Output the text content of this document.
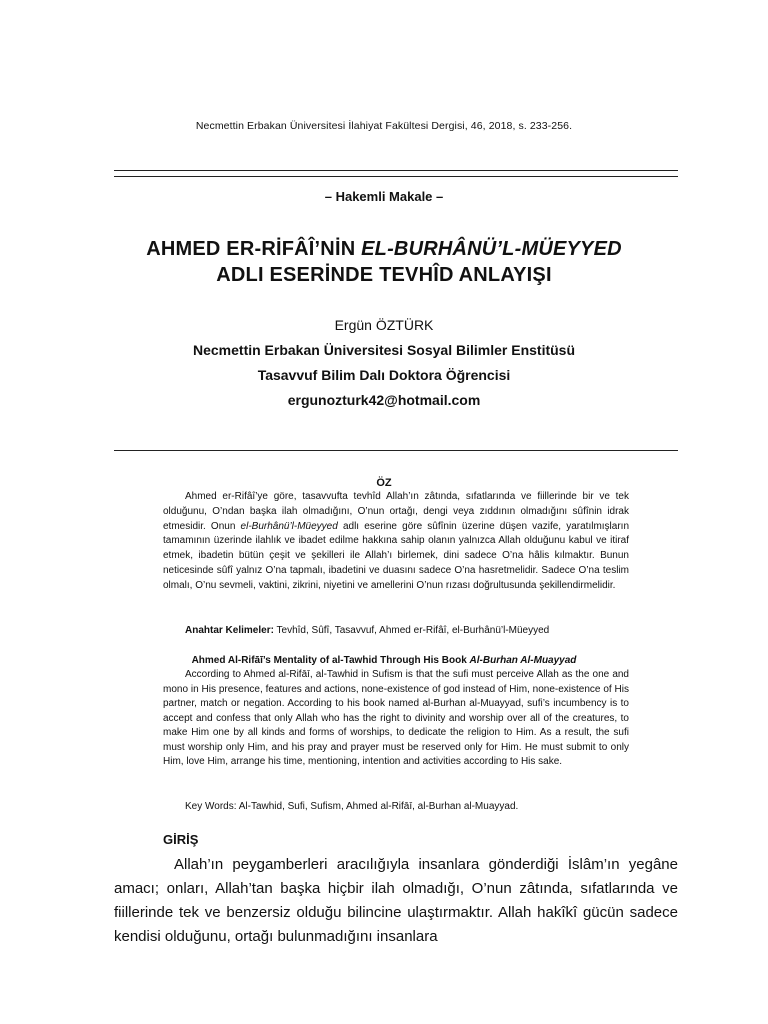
Necmettin Erbakan Üniversitesi İlahiyat Fakültesi Dergisi, 46, 2018, s. 233-256.
– Hakemli Makale –
AHMED ER-RİFÂÎ’NİN EL-BURHÂNÜ’L-MÜEYYED
ADLI ESERİNDE TEVHÎD ANLAYIŞI
Ergün ÖZTÜRK
Necmettin Erbakan Üniversitesi Sosyal Bilimler Enstitüsü
Tasavvuf Bilim Dalı Doktora Öğrencisi
ergunozturk42@hotmail.com
ÖZ

Ahmed er-Rifâî’ye göre, tasavvufta tevhîd Allah’ın zâtında, sıfatlarında ve fiillerinde bir ve tek olduğunu, O’ndan başka ilah olmadığını, O’nun ortağı, dengi veya zıddının olmadığını sûfînin idrak etmesidir. Onun el-Burhânü’l-Müeyyed adlı eserine göre sûfînin üzerine düşen vazife, yaratılmışların tamamının üzerinde ilahlık ve ibadet edilme hakkına sahip olanın yalnızca Allah olduğunu kabul ve itiraf etmek, ibadetin bütün çeşit ve şekilleri ile Allah’ı birlemek, dini sadece O’na hâlis kılmaktır. Bunun neticesinde sûfî yalnız O’na tapmalı, ibadetini ve duasını sadece O’na hasretmelidir. Sadece O’na teslim olmalı, O’nu sevmeli, vaktini, zikrini, niyetini ve amellerini O’nun rızası doğrultusunda şekillendirmelidir.

Anahtar Kelimeler: Tevhîd, Sûfî, Tasavvuf, Ahmed er-Rifâî, el-Burhânü’l-Müeyyed
Ahmed Al-Rifāī’s Mentality of al-Tawhid Through His Book Al-Burhan Al-Muayyad

According to Ahmed al-Rifāī, al-Tawhid in Sufism is that the sufi must perceive Allah as the one and mono in His presence, features and actions, none-existence of god instead of Him, none-existence of His partner, match or negation. According to his book named al-Burhan al-Muayyad, sufi’s incumbency is to accept and confess that only Allah who has the right to divinity and worship over all of the creatures, to make Him one by all kinds and forms of worships, to dedicate the religion to Him. As a result, the sufi must worship only Him, and his pray and prayer must be reserved only for Him. He must submit to only Him, love Him, arrange his time, mentioning, intention and activities according to His sake.

Key Words: Al-Tawhid, Sufi, Sufism, Ahmed al-Rifāī, al-Burhan al-Muayyad.
GİRİŞ

Allah’ın peygamberleri aracılığıyla insanlara gönderdiği İslâm’ın yegâne amacı; onları, Allah’tan başka hiçbir ilah olmadığı, O’nun zâtında, sıfatlarında ve fiillerinde tek ve benzersiz olduğu bilincine ulaştırmaktır. Allah hakîkî gücün sadece kendisi olduğunu, ortağı bulunmadığını insanlara
